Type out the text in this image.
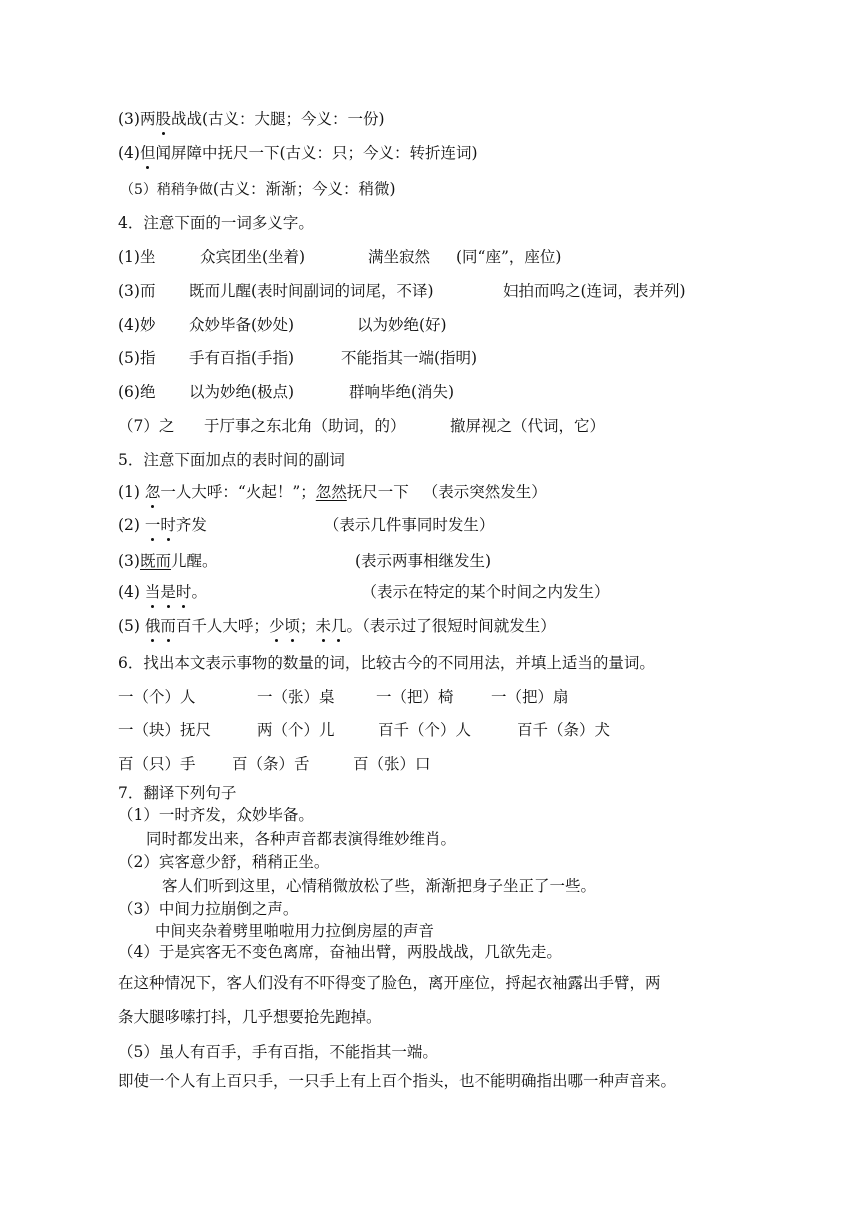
(3)两股战战(古义：大腿；今义：一份)
(4)但闻屏障中抚尺一下(古义：只；今义：转折连词)
（5）稍稍争做(古义：渐渐；今义：稍微)
4．注意下面的一词多义字。
(1)坐	众宾团坐(坐着)	满坐寂然 (同“座”，座位)
(3)而 既而儿醒(表时间副词的词尾，不译)	妇拍而呜之(连词，表并列)
(4)妙 众妙毕备(妙处)	以为妙绝(好)
(5)指 手有百指(手指)	不能指其一端(指明)
(6)绝 以为妙绝(极点)	群响毕绝(消失)
（7）之 于厅事之东北角（助词，的）	撤屏视之（代词，它）
5．注意下面加点的表时间的副词
(1) 忽一人大呼：“火起！”；忽然抚尺一下 （表示突然发生）
(2) 一时齐发	（表示几件事同时发生）
(3)既而儿醒。	(表示两事相继发生)
(4) 当是时。	（表示在特定的某个时间之内发生）
(5) 俄而百千人大呼；少顷；未几。（表示过了很短时间就发生）
6．找出本文表示事物的数量的词，比较古今的不同用法，并填上适当的量词。
一（个）人	一（张）桌	一（把）椅 一（把）扇
一（块）抚尺	两（个）儿	百千（个）人	百千（条）犬
百（只）手 百（条）舌	百（张）口
7．翻译下列句子
（1）一时齐发，众妙毕备。
同时都发出来，各种声音都表演得维妙维肖。
（2）宾客意少舒，稍稍正坐。
客人们听到这里，心情稍微放松了些，渐渐把身子坐正了一些。
（3）中间力拉崩倒之声。
中间夹杂着劈里啪啦用力拉倒房屋的声音
（4）于是宾客无不变色离席，奋袖出臂，两股战战，几欲先走。
在这种情况下，客人们没有不吓得变了脸色，离开座位，捋起衣袖露出手臂，两
条大腿哆嗦打抖，几乎想要抢先跑掉。
（5）虽人有百手，手有百指，不能指其一端。
即使一个人有上百只手，一只手上有上百个指头，也不能明确指出哪一种声音来。
